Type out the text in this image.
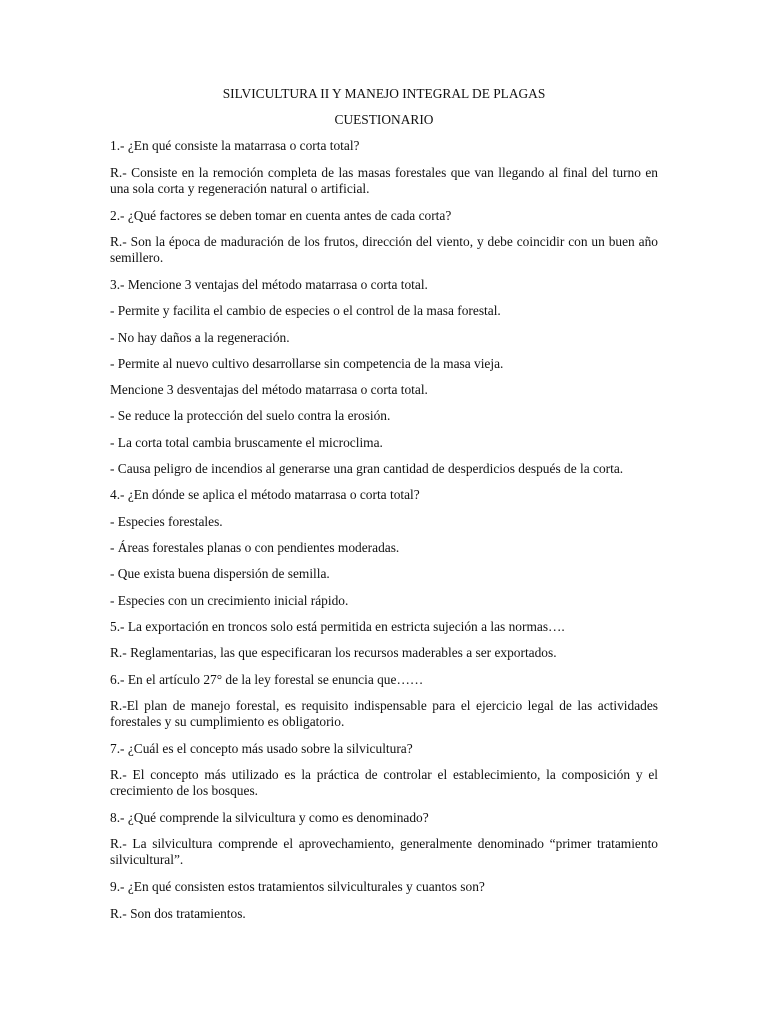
SILVICULTURA II Y MANEJO INTEGRAL DE PLAGAS
CUESTIONARIO
1.- ¿En qué consiste la matarrasa o corta total?
R.- Consiste en la remoción completa de las masas forestales que van llegando al final del turno en una sola corta y regeneración natural o artificial.
2.- ¿Qué factores se deben tomar en cuenta antes de cada corta?
R.- Son la época de maduración de los frutos, dirección del viento, y debe coincidir con un buen año semillero.
3.- Mencione 3 ventajas del método matarrasa o corta total.
- Permite y facilita el cambio de especies o el control de la masa forestal.
- No hay daños a la regeneración.
- Permite al nuevo cultivo desarrollarse sin competencia de la masa vieja.
Mencione 3 desventajas del método matarrasa o corta total.
- Se reduce la protección del suelo contra la erosión.
- La corta total cambia bruscamente el microclima.
- Causa peligro de incendios al generarse una gran cantidad de desperdicios después de la corta.
4.- ¿En dónde se aplica el método matarrasa o corta total?
- Especies forestales.
- Áreas forestales planas o con pendientes moderadas.
- Que exista buena dispersión de semilla.
- Especies con un crecimiento inicial rápido.
5.- La exportación en troncos solo está permitida en estricta sujeción a las normas….
R.- Reglamentarias, las que especificaran los recursos maderables a ser exportados.
6.- En el artículo 27° de la ley forestal se enuncia que……
R.-El plan de manejo forestal, es requisito indispensable para el ejercicio legal de las actividades forestales y su cumplimiento es obligatorio.
7.- ¿Cuál es el concepto más usado sobre la silvicultura?
R.- El concepto más utilizado es la práctica de controlar el establecimiento, la composición y el crecimiento de los bosques.
8.- ¿Qué comprende la silvicultura y como es denominado?
R.- La silvicultura comprende el aprovechamiento, generalmente denominado “primer tratamiento silvicultural”.
9.- ¿En qué consisten estos tratamientos silviculturales y cuantos son?
R.- Son dos tratamientos.
